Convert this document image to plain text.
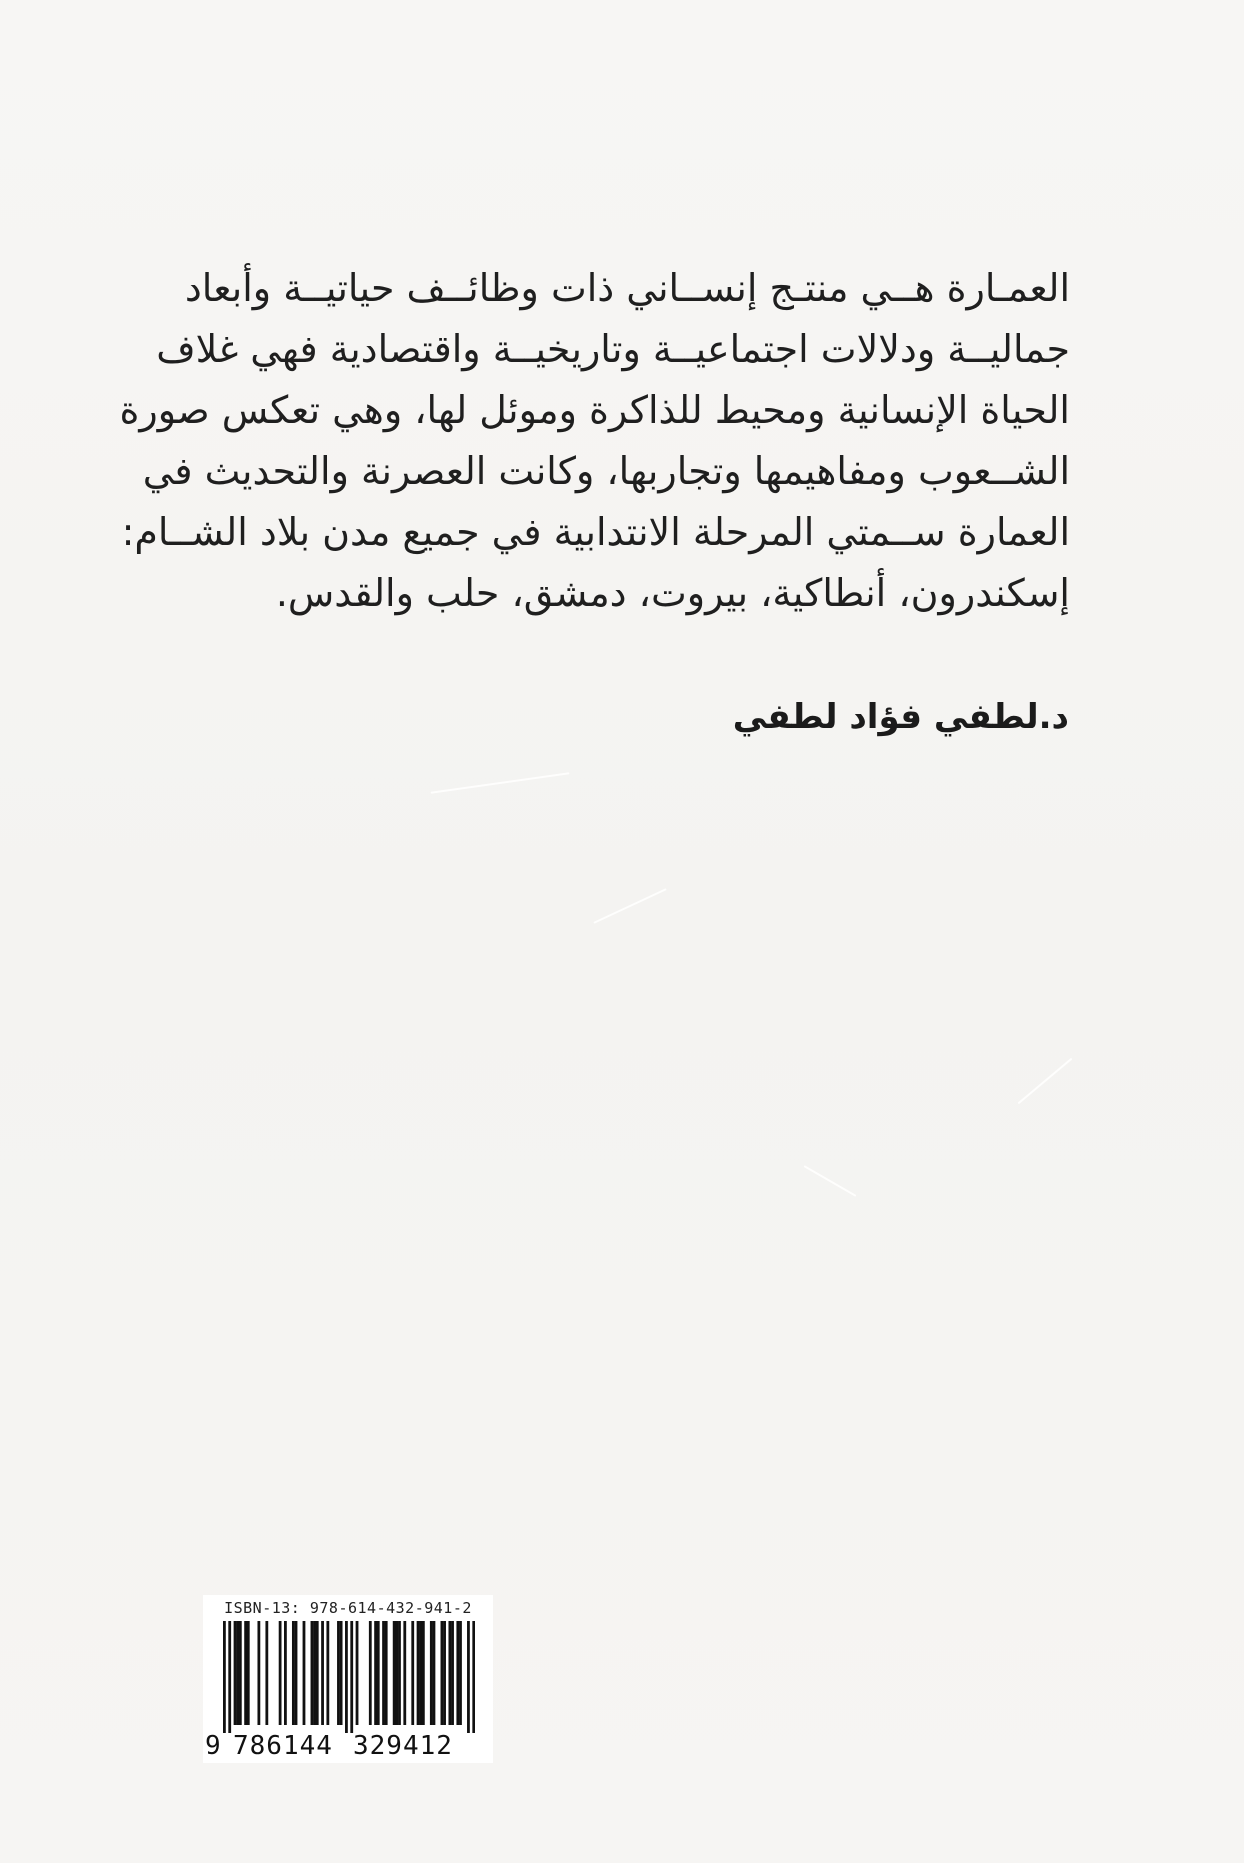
العمـارة هــي منتـج إنســاني ذات وظائــف حياتيــة وأبعاد
جماليــة ودلالات اجتماعيــة وتاريخيــة واقتصادية فهي غلاف
الحياة الإنسانية ومحيط للذاكرة وموئل لها، وهي تعكس صورة
الشــعوب ومفاهيمها وتجاربها، وكانت العصرنة والتحديث في
العمارة ســمتي المرحلة الانتدابية في جميع مدن بلاد الشــام:
إسكندرون، أنطاكية، بيروت، دمشق، حلب والقدس.
د.لطفي فؤاد لطفي
ISBN-13: 978-614-432-941-2
9 786144 329412
